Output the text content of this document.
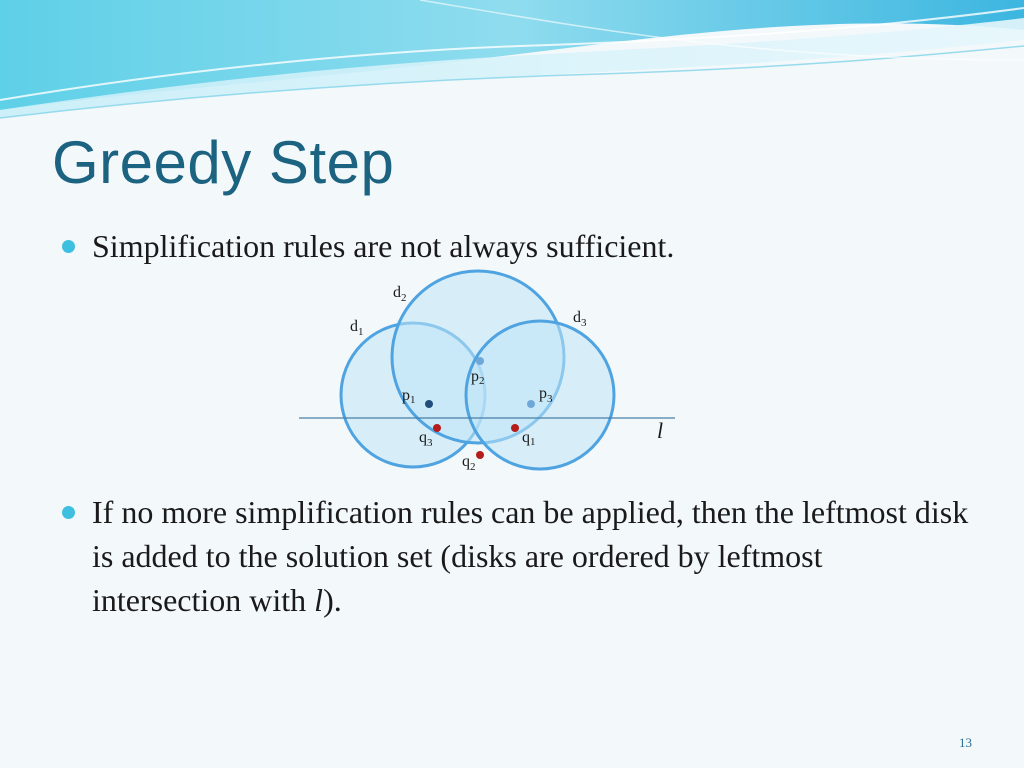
Greedy Step
Simplification rules are not always sufficient.
$d_1$
$d_2$
$d_3$
p1
p2
$p_3$
q1
$q_2$
$q_3$	l
If no more simplification rules can be applied, then the leftmost disk is added to the solution set (disks are ordered by leftmost intersection with l).
13
